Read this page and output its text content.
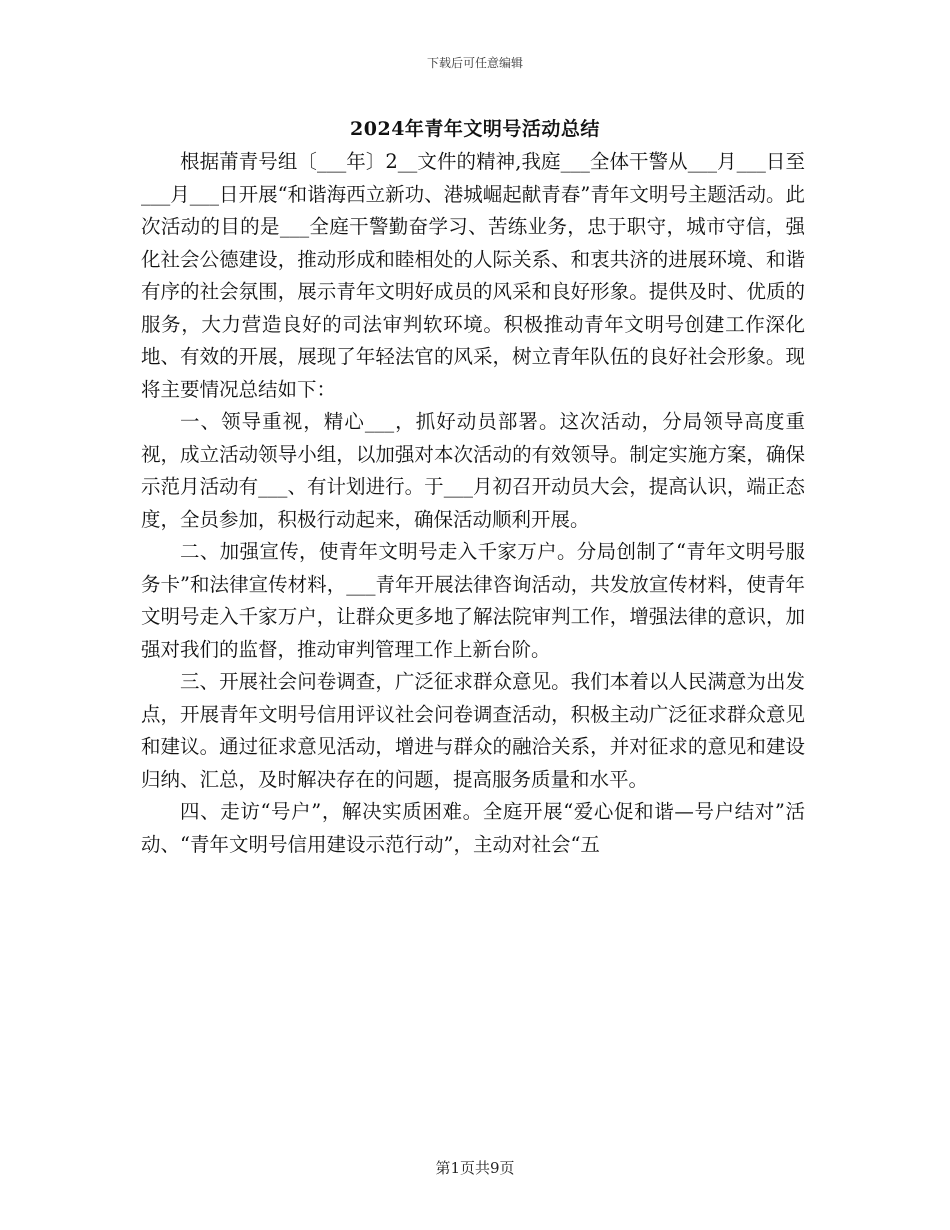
下载后可任意编辑
2024年青年文明号活动总结

根据莆青号组〔___年〕2__文件的精神,我庭___全体干警从___月___日至___月___日开展“和谐海西立新功、港城崛起献青春”青年文明号主题活动。此次活动的目的是___全庭干警勤奋学习、苦练业务，忠于职守，城市守信，强化社会公德建设，推动形成和睦相处的人际关系、和衷共济的进展环境、和谐有序的社会氛围，展示青年文明好成员的风采和良好形象。提供及时、优质的服务，大力营造良好的司法审判软环境。积极推动青年文明号创建工作深化地、有效的开展，展现了年轻法官的风采，树立青年队伍的良好社会形象。现将主要情况总结如下：

一、领导重视，精心___，抓好动员部署。这次活动，分局领导高度重视，成立活动领导小组，以加强对本次活动的有效领导。制定实施方案，确保示范月活动有___、有计划进行。于___月初召开动员大会，提高认识，端正态度，全员参加，积极行动起来，确保活动顺利开展。

二、加强宣传，使青年文明号走入千家万户。分局创制了“青年文明号服务卡”和法律宣传材料，___青年开展法律咨询活动，共发放宣传材料，使青年文明号走入千家万户，让群众更多地了解法院审判工作，增强法律的意识，加强对我们的监督，推动审判管理工作上新台阶。

三、开展社会问卷调查，广泛征求群众意见。我们本着以人民满意为出发点，开展青年文明号信用评议社会问卷调查活动，积极主动广泛征求群众意见和建议。通过征求意见活动，增进与群众的融洽关系，并对征求的意见和建设归纳、汇总，及时解决存在的问题，提高服务质量和水平。

四、走访“号户”，解决实质困难。全庭开展“爱心促和谐—号户结对”活动、“青年文明号信用建设示范行动”，主动对社会“五

第1页共9页
